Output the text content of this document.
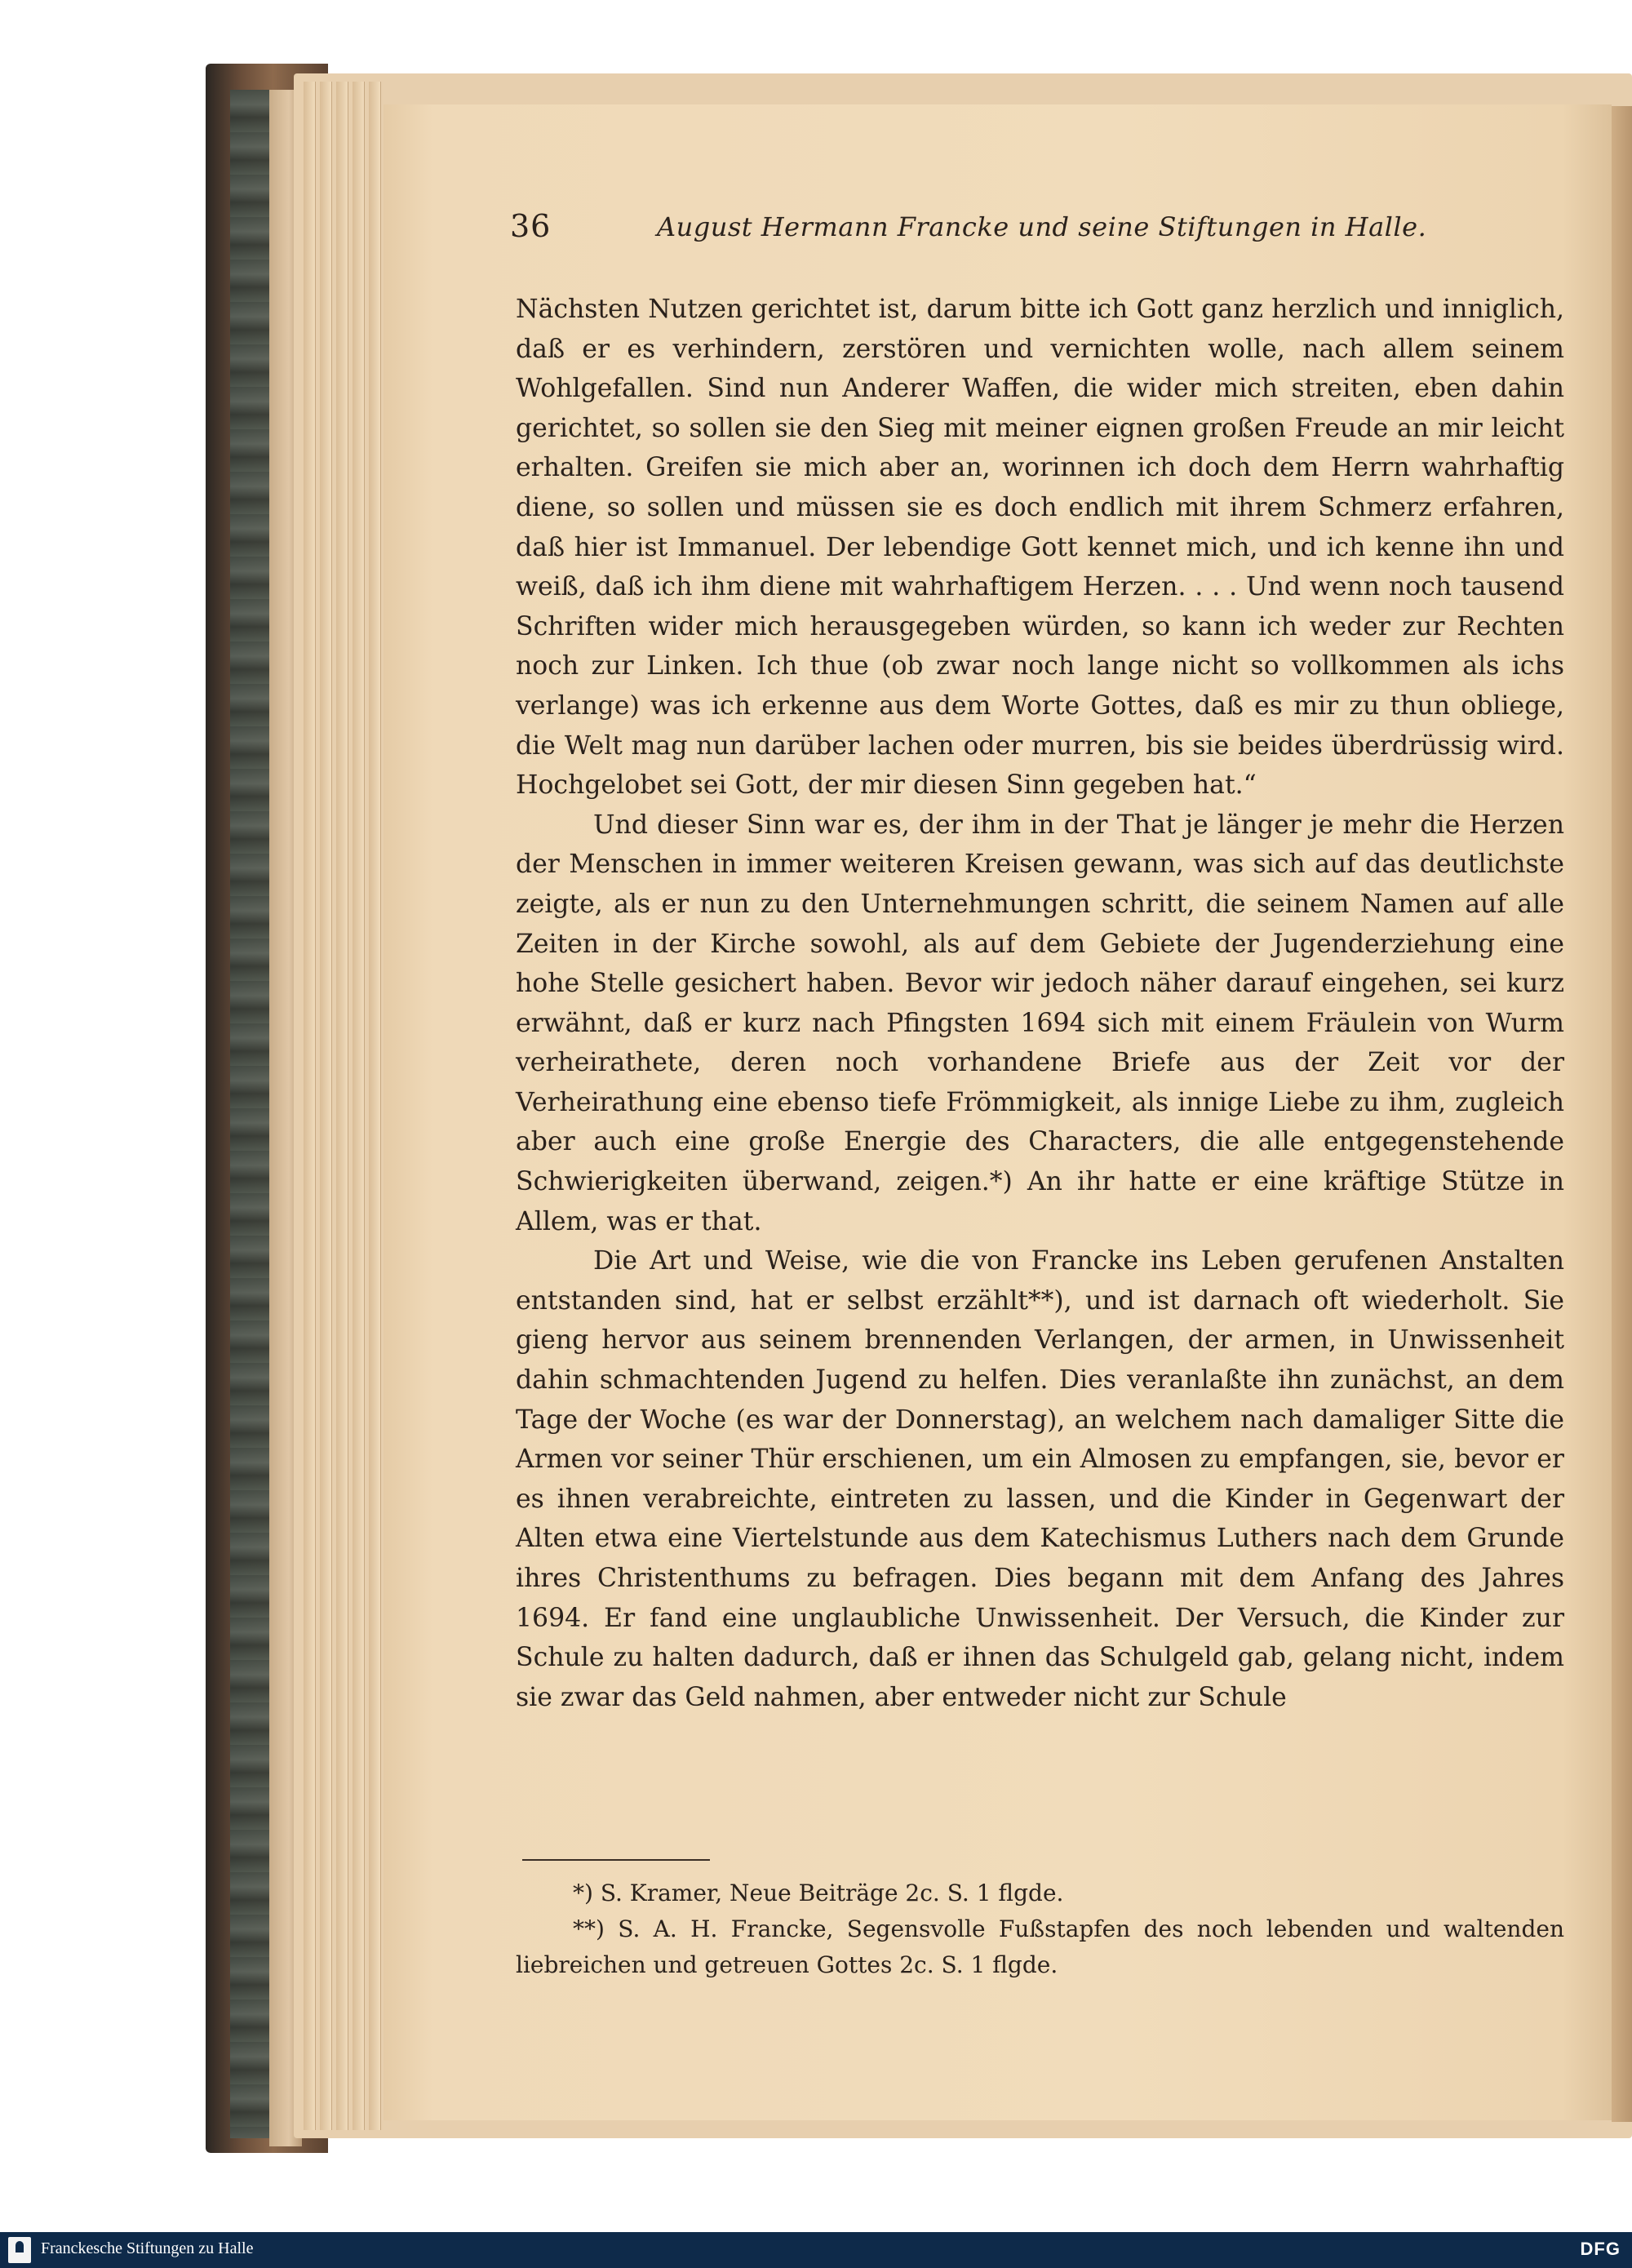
36	August Hermann Francke und seine Stiftungen in Halle.

Nächsten Nutzen gerichtet ist, darum bitte ich Gott ganz herzlich und inniglich, daß er es verhindern, zerstören und vernichten wolle, nach allem seinem Wohlgefallen. Sind nun Anderer Waffen, die wider mich streiten, eben dahin gerichtet, so sollen sie den Sieg mit meiner eignen großen Freude an mir leicht erhalten. Greifen sie mich aber an, worinnen ich doch dem Herrn wahrhaftig diene, so sollen und müssen sie es doch endlich mit ihrem Schmerz erfahren, daß hier ist Immanuel. Der lebendige Gott kennet mich, und ich kenne ihn und weiß, daß ich ihm diene mit wahrhaftigem Herzen. . . . Und wenn noch tausend Schriften wider mich herausgegeben würden, so kann ich weder zur Rechten noch zur Linken. Ich thue (ob zwar noch lange nicht so vollkommen als ichs verlange) was ich erkenne aus dem Worte Gottes, daß es mir zu thun obliege, die Welt mag nun darüber lachen oder murren, bis sie beides überdrüssig wird. Hochgelobet sei Gott, der mir diesen Sinn gegeben hat.“

Und dieser Sinn war es, der ihm in der That je länger je mehr die Herzen der Menschen in immer weiteren Kreisen gewann, was sich auf das deutlichste zeigte, als er nun zu den Unternehmungen schritt, die seinem Namen auf alle Zeiten in der Kirche sowohl, als auf dem Gebiete der Jugenderziehung eine hohe Stelle gesichert haben. Bevor wir jedoch näher darauf eingehen, sei kurz erwähnt, daß er kurz nach Pfingsten 1694 sich mit einem Fräulein von Wurm verheirathete, deren noch vorhandene Briefe aus der Zeit vor der Verheirathung eine ebenso tiefe Frömmigkeit, als innige Liebe zu ihm, zugleich aber auch eine große Energie des Characters, die alle entgegenstehende Schwierigkeiten überwand, zeigen.*) An ihr hatte er eine kräftige Stütze in Allem, was er that.

Die Art und Weise, wie die von Francke ins Leben gerufenen Anstalten entstanden sind, hat er selbst erzählt**), und ist darnach oft wiederholt. Sie gieng hervor aus seinem brennenden Verlangen, der armen, in Unwissenheit dahin schmachtenden Jugend zu helfen. Dies veranlaßte ihn zunächst, an dem Tage der Woche (es war der Donnerstag), an welchem nach damaliger Sitte die Armen vor seiner Thür erschienen, um ein Almosen zu empfangen, sie, bevor er es ihnen verabreichte, eintreten zu lassen, und die Kinder in Gegenwart der Alten etwa eine Viertelstunde aus dem Katechismus Luthers nach dem Grunde ihres Christenthums zu befragen. Dies begann mit dem Anfang des Jahres 1694. Er fand eine unglaubliche Unwissenheit. Der Versuch, die Kinder zur Schule zu halten dadurch, daß er ihnen das Schulgeld gab, gelang nicht, indem sie zwar das Geld nahmen, aber entweder nicht zur Schule

*) S. Kramer, Neue Beiträge 2c. S. 1 flgde.

**) S. A. H. Francke, Segensvolle Fußstapfen des noch lebenden und waltenden liebreichen und getreuen Gottes 2c. S. 1 flgde.

Franckesche Stiftungen zu Halle	DFG
